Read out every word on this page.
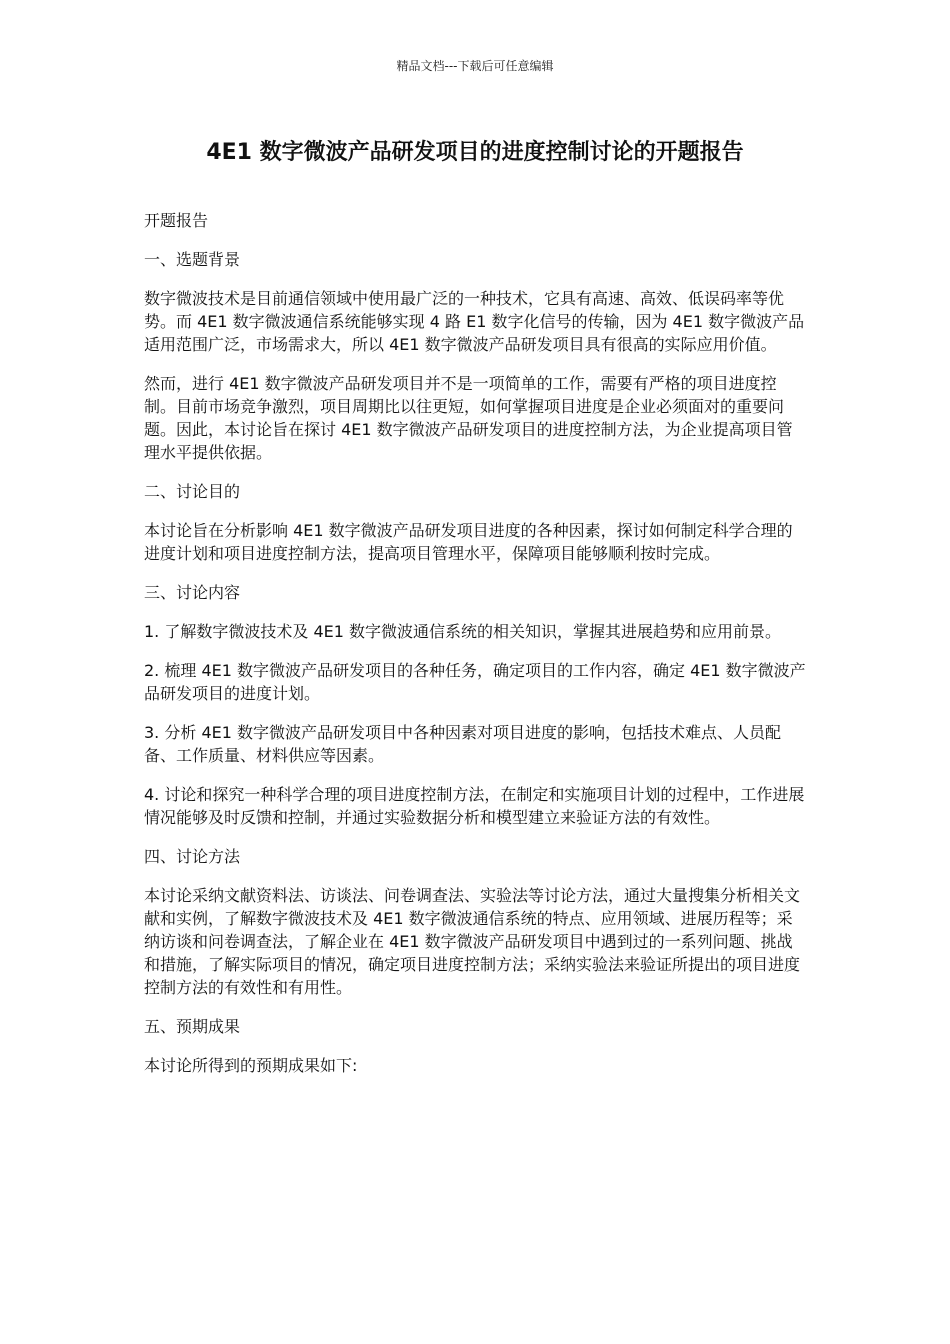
精品文档---下载后可任意编辑
4E1 数字微波产品研发项目的进度控制讨论的开题报告

开题报告

一、选题背景

数字微波技术是目前通信领域中使用最广泛的一种技术，它具有高速、高效、低误码率等优势。而 4E1 数字微波通信系统能够实现 4 路 E1 数字化信号的传输，因为 4E1 数字微波产品适用范围广泛，市场需求大，所以 4E1 数字微波产品研发项目具有很高的实际应用价值。

然而，进行 4E1 数字微波产品研发项目并不是一项简单的工作，需要有严格的项目进度控制。目前市场竞争激烈，项目周期比以往更短，如何掌握项目进度是企业必须面对的重要问题。因此，本讨论旨在探讨 4E1 数字微波产品研发项目的进度控制方法，为企业提高项目管理水平提供依据。

二、讨论目的

本讨论旨在分析影响 4E1 数字微波产品研发项目进度的各种因素，探讨如何制定科学合理的进度计划和项目进度控制方法，提高项目管理水平，保障项目能够顺利按时完成。

三、讨论内容

1. 了解数字微波技术及 4E1 数字微波通信系统的相关知识，掌握其进展趋势和应用前景。

2. 梳理 4E1 数字微波产品研发项目的各种任务，确定项目的工作内容，确定 4E1 数字微波产品研发项目的进度计划。

3. 分析 4E1 数字微波产品研发项目中各种因素对项目进度的影响，包括技术难点、人员配备、工作质量、材料供应等因素。

4. 讨论和探究一种科学合理的项目进度控制方法，在制定和实施项目计划的过程中，工作进展情况能够及时反馈和控制，并通过实验数据分析和模型建立来验证方法的有效性。

四、讨论方法

本讨论采纳文献资料法、访谈法、问卷调查法、实验法等讨论方法，通过大量搜集分析相关文献和实例，了解数字微波技术及 4E1 数字微波通信系统的特点、应用领域、进展历程等；采纳访谈和问卷调查法，了解企业在 4E1 数字微波产品研发项目中遇到过的一系列问题、挑战和措施，了解实际项目的情况，确定项目进度控制方法；采纳实验法来验证所提出的项目进度控制方法的有效性和有用性。

五、预期成果

本讨论所得到的预期成果如下:
